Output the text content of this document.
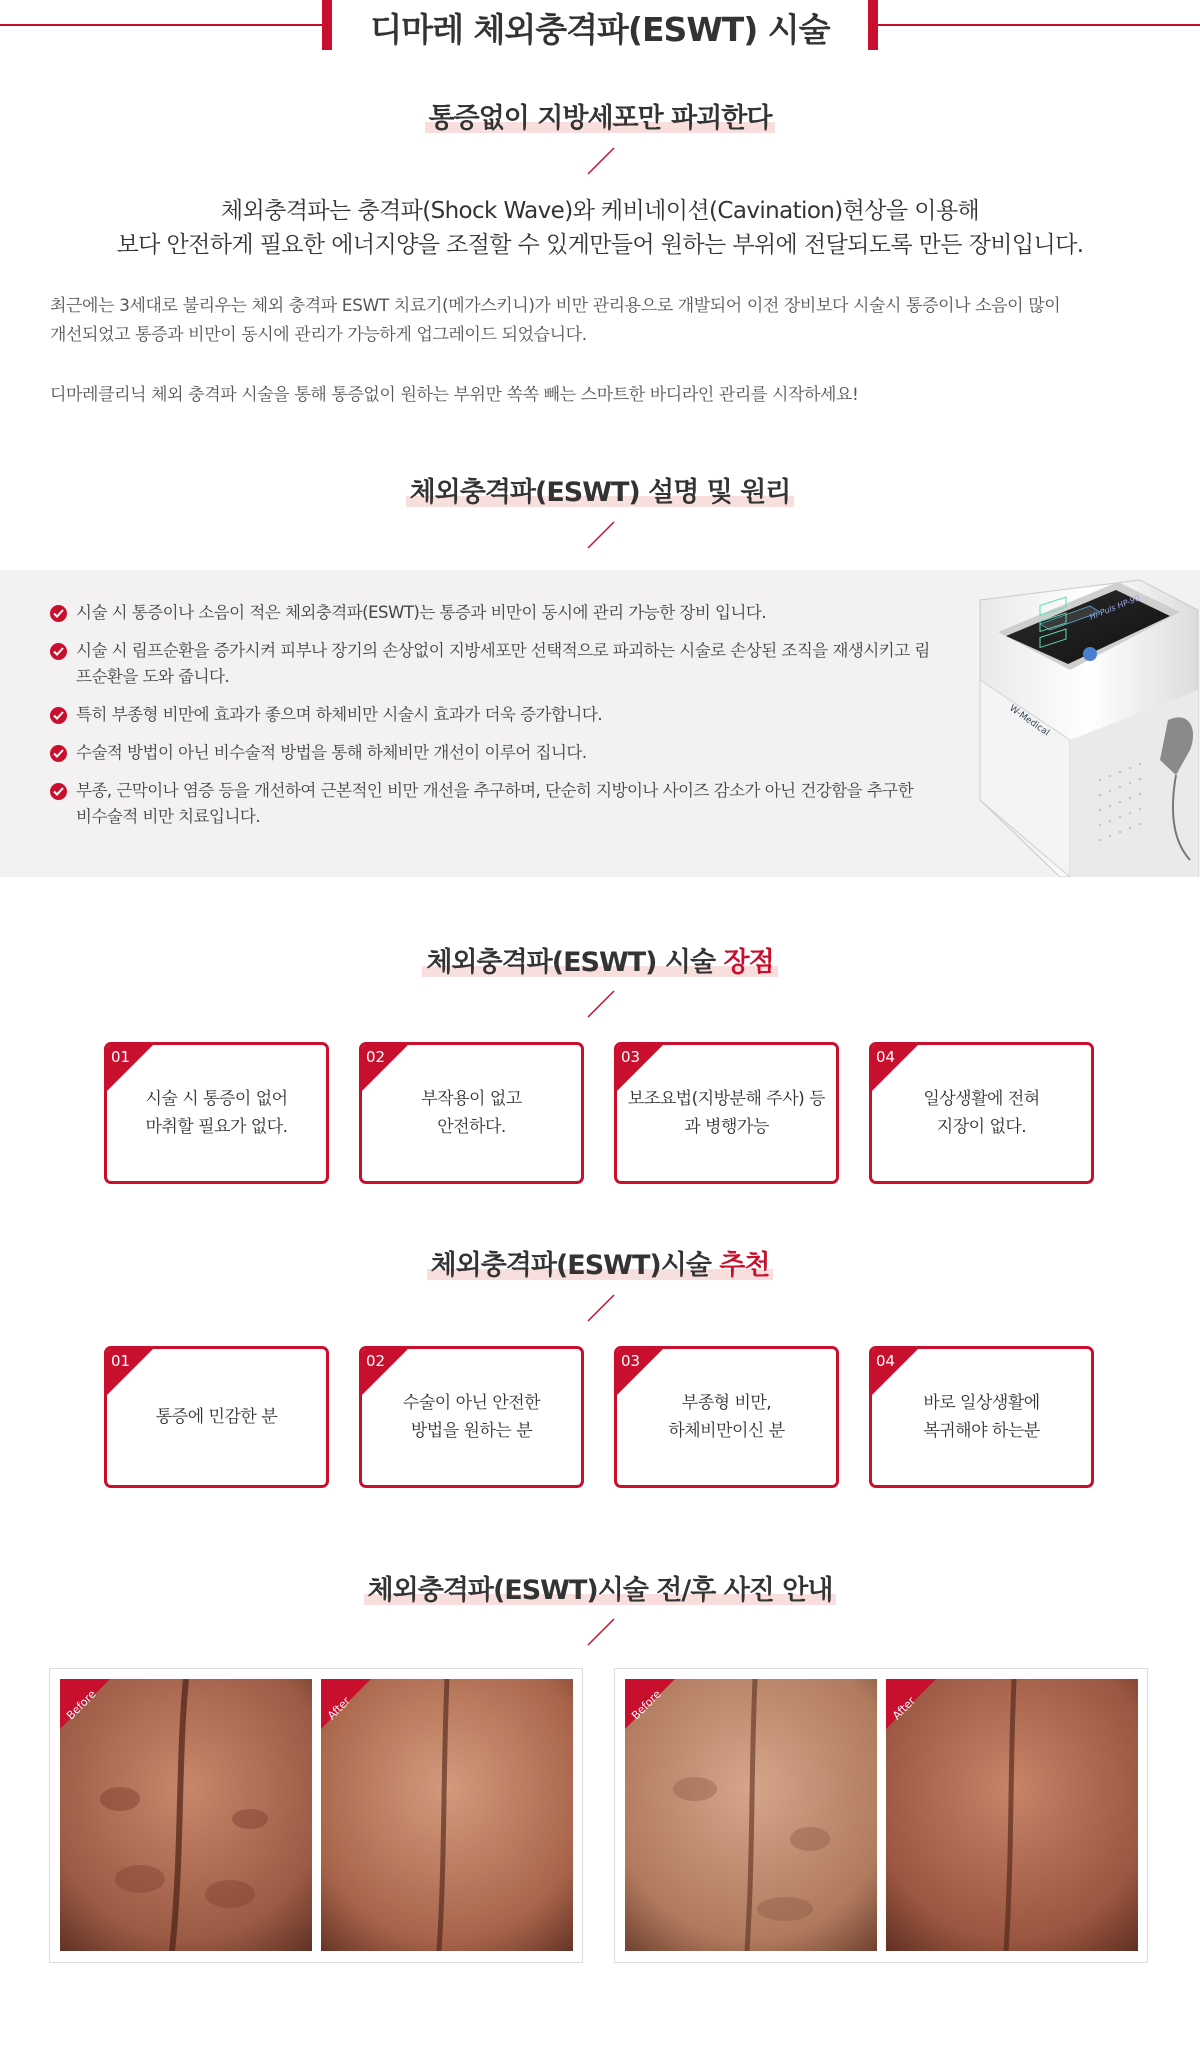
디마레 체외충격파(ESWT) 시술
통증없이 지방세포만 파괴한다
체외충격파는 충격파(Shock Wave)와 케비네이션(Cavination)현상을 이용해
보다 안전하게 필요한 에너지양을 조절할 수 있게만들어 원하는 부위에 전달되도록 만든 장비입니다.
최근에는 3세대로 불리우는 체외 충격파 ESWT 치료기(메가스키니)가 비만 관리용으로 개발되어 이전 장비보다 시술시 통증이나 소음이 많이
개선되었고 통증과 비만이 동시에 관리가 가능하게 업그레이드 되었습니다.
디마레클리닉 체외 충격파 시술을 통해 통증없이 원하는 부위만 쏙쏙 빼는 스마트한 바디라인 관리를 시작하세요!
체외충격파(ESWT) 설명 및 원리
시술 시 통증이나 소음이 적은 체외충격파(ESWT)는 통증과 비만이 동시에 관리 가능한 장비 입니다.
시술 시 림프순환을 증가시켜 피부나 장기의 손상없이 지방세포만 선택적으로 파괴하는 시술로 손상된 조직을 재생시키고 림프순환을 도와 줍니다.
특히 부종형 비만에 효과가 좋으며 하체비만 시술시 효과가 더욱 증가합니다.
수술적 방법이 아닌 비수술적 방법을 통해 하체비만 개선이 이루어 집니다.
부종, 근막이나 염증 등을 개선하여 근본적인 비만 개선을 추구하며, 단순히 지방이나 사이즈 감소가 아닌 건강함을 추구한 비수술적 비만 치료입니다.
Hi-Puls HP-90
W-Medical
체외충격파(ESWT) 시술 장점
01
시술 시 통증이 없어
마취할 필요가 없다.
02
부작용이 없고
안전하다.
03
보조요법(지방분해 주사) 등
과 병행가능
04
일상생활에 전혀
지장이 없다.
체외충격파(ESWT)시술 추천
01
통증에 민감한 분
02
수술이 아닌 안전한
방법을 원하는 분
03
부종형 비만,
하체비만이신 분
04
바로 일상생활에
복귀해야 하는분
체외충격파(ESWT)시술 전/후 사진 안내
Before	After	Before	After
